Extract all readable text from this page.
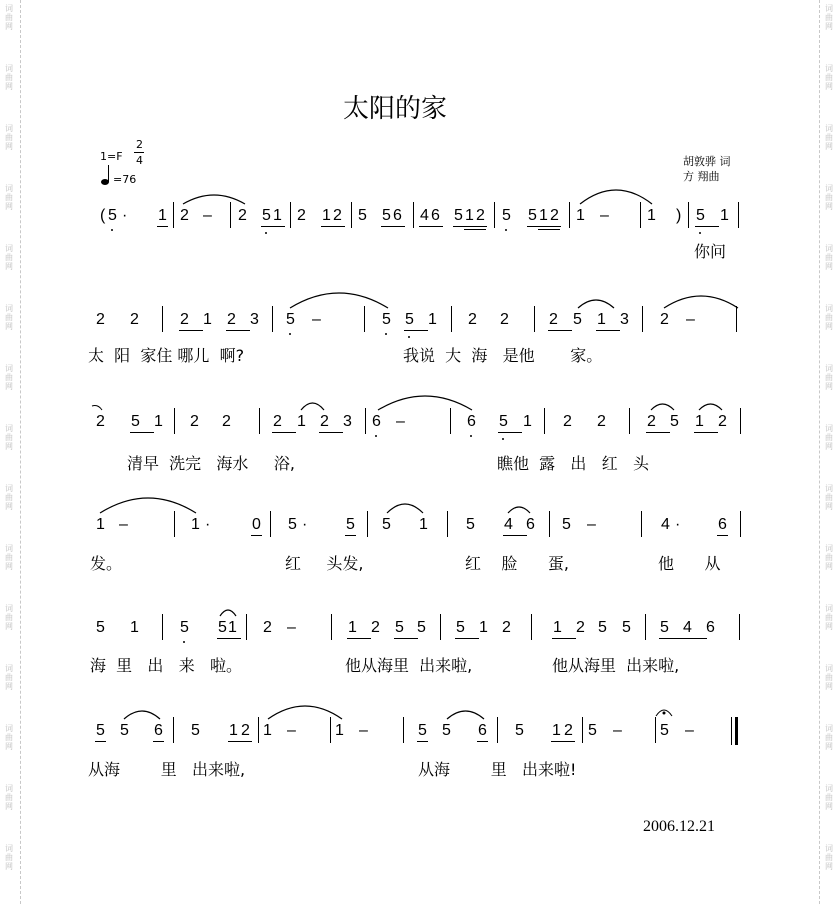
词
曲
网
词
曲
网
词
曲
网
词
曲
网
词
曲
网
词
曲
网
词
曲
网
词
曲
网
词
曲
网
词
曲
网
词
曲
网
词
曲
网
词
曲
网
词
曲
网
词
曲
网
词
曲
网
词
曲
网
词
曲
网
词
曲
网
词
曲
网
词
曲
网
词
曲
网
词
曲
网
词
曲
网
词
曲
网
词
曲
网
词
曲
网
词
曲
网
词
曲
网
词
曲
网
太阳的家
1=F
2
4
=76
胡敦骅 词
方 翔曲
2006.12.21
( 5 · 1 2 – 2 5 1 2 1 2 5 5 6 4 6 5 1 2 5 5 1 2 1 – 1 ) 5 1
你问
2 2	2 1 2 3 5 –	5 5 1 2 2	2 5 1 3 2 –
太  阳  家住 哪儿  啊?	我说  大  海   是他       家。
2 5 1 2 2	2 1 2 3 6 –	6 5 1 2 2	2 5 1 2
清早  洗完   海水     浴,	瞧他  露   出   红   头
1 –	1 ·	0 5 · 5 5 1 5 4 6 5 –	4 · 6
发。	红     头发,	红    脸      蛋,	他      从
5 1	5 5 1 2 –	1 2 5 5 5 1 2	1 2 5 5 5 4 6
海  里   出   来   啦。	他从海里  出来啦,	他从海里  出来啦,
5 5 6 5 1 2 1 – 1 –	5 5 6 5 1 2 5 – 5 –
从海        里   出来啦,	从海        里   出来啦!
